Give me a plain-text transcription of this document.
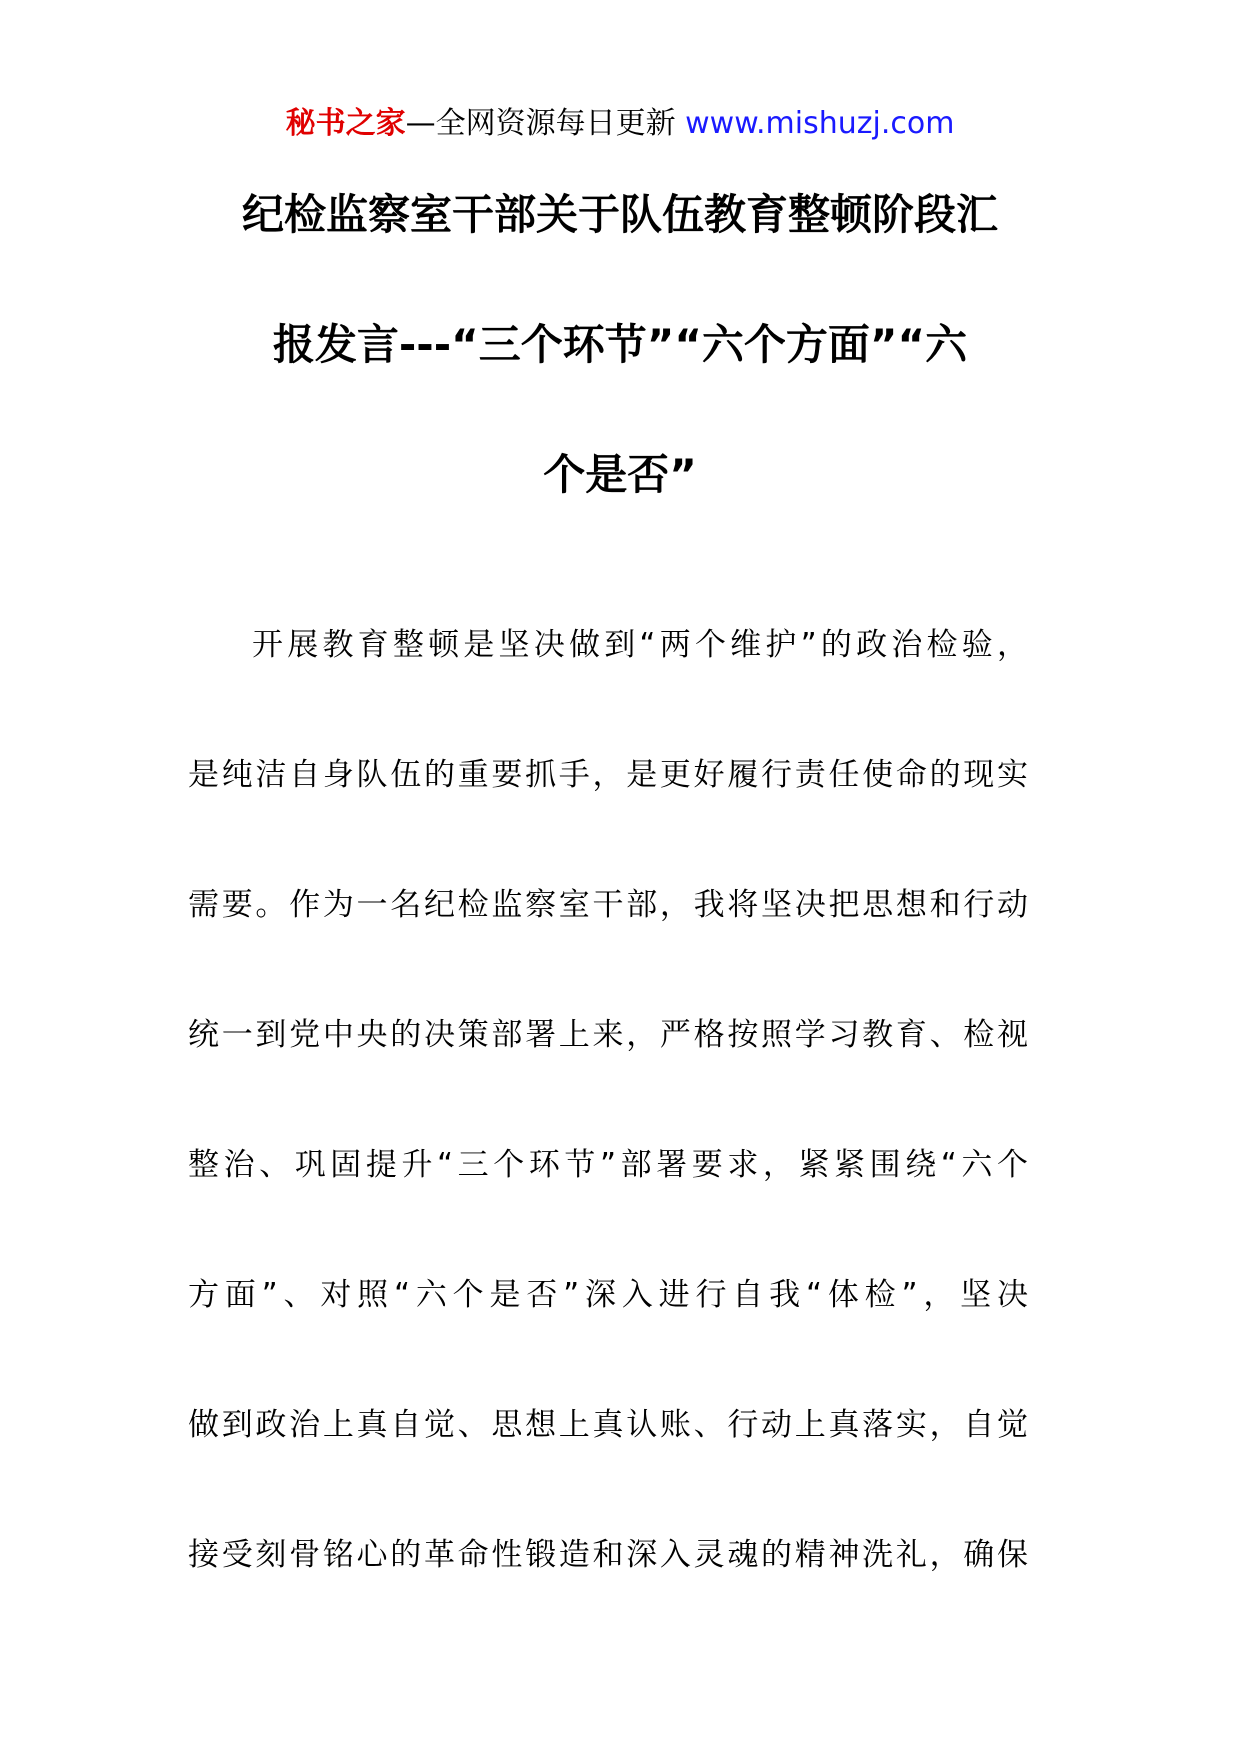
秘书之家—全网资源每日更新 www.mishuzj.com
纪检监察室干部关于队伍教育整顿阶段汇
报发言---“三个环节”“六个方面”“六
个是否”
开展教育整顿是坚决做到“两个维护”的政治检验，
是纯洁自身队伍的重要抓手，是更好履行责任使命的现实
需要。作为一名纪检监察室干部，我将坚决把思想和行动
统一到党中央的决策部署上来，严格按照学习教育、检视
整治、巩固提升“三个环节”部署要求，紧紧围绕“六个
方面”、对照“六个是否”深入进行自我“体检”，坚决
做到政治上真自觉、思想上真认账、行动上真落实，自觉
接受刻骨铭心的革命性锻造和深入灵魂的精神洗礼，确保
